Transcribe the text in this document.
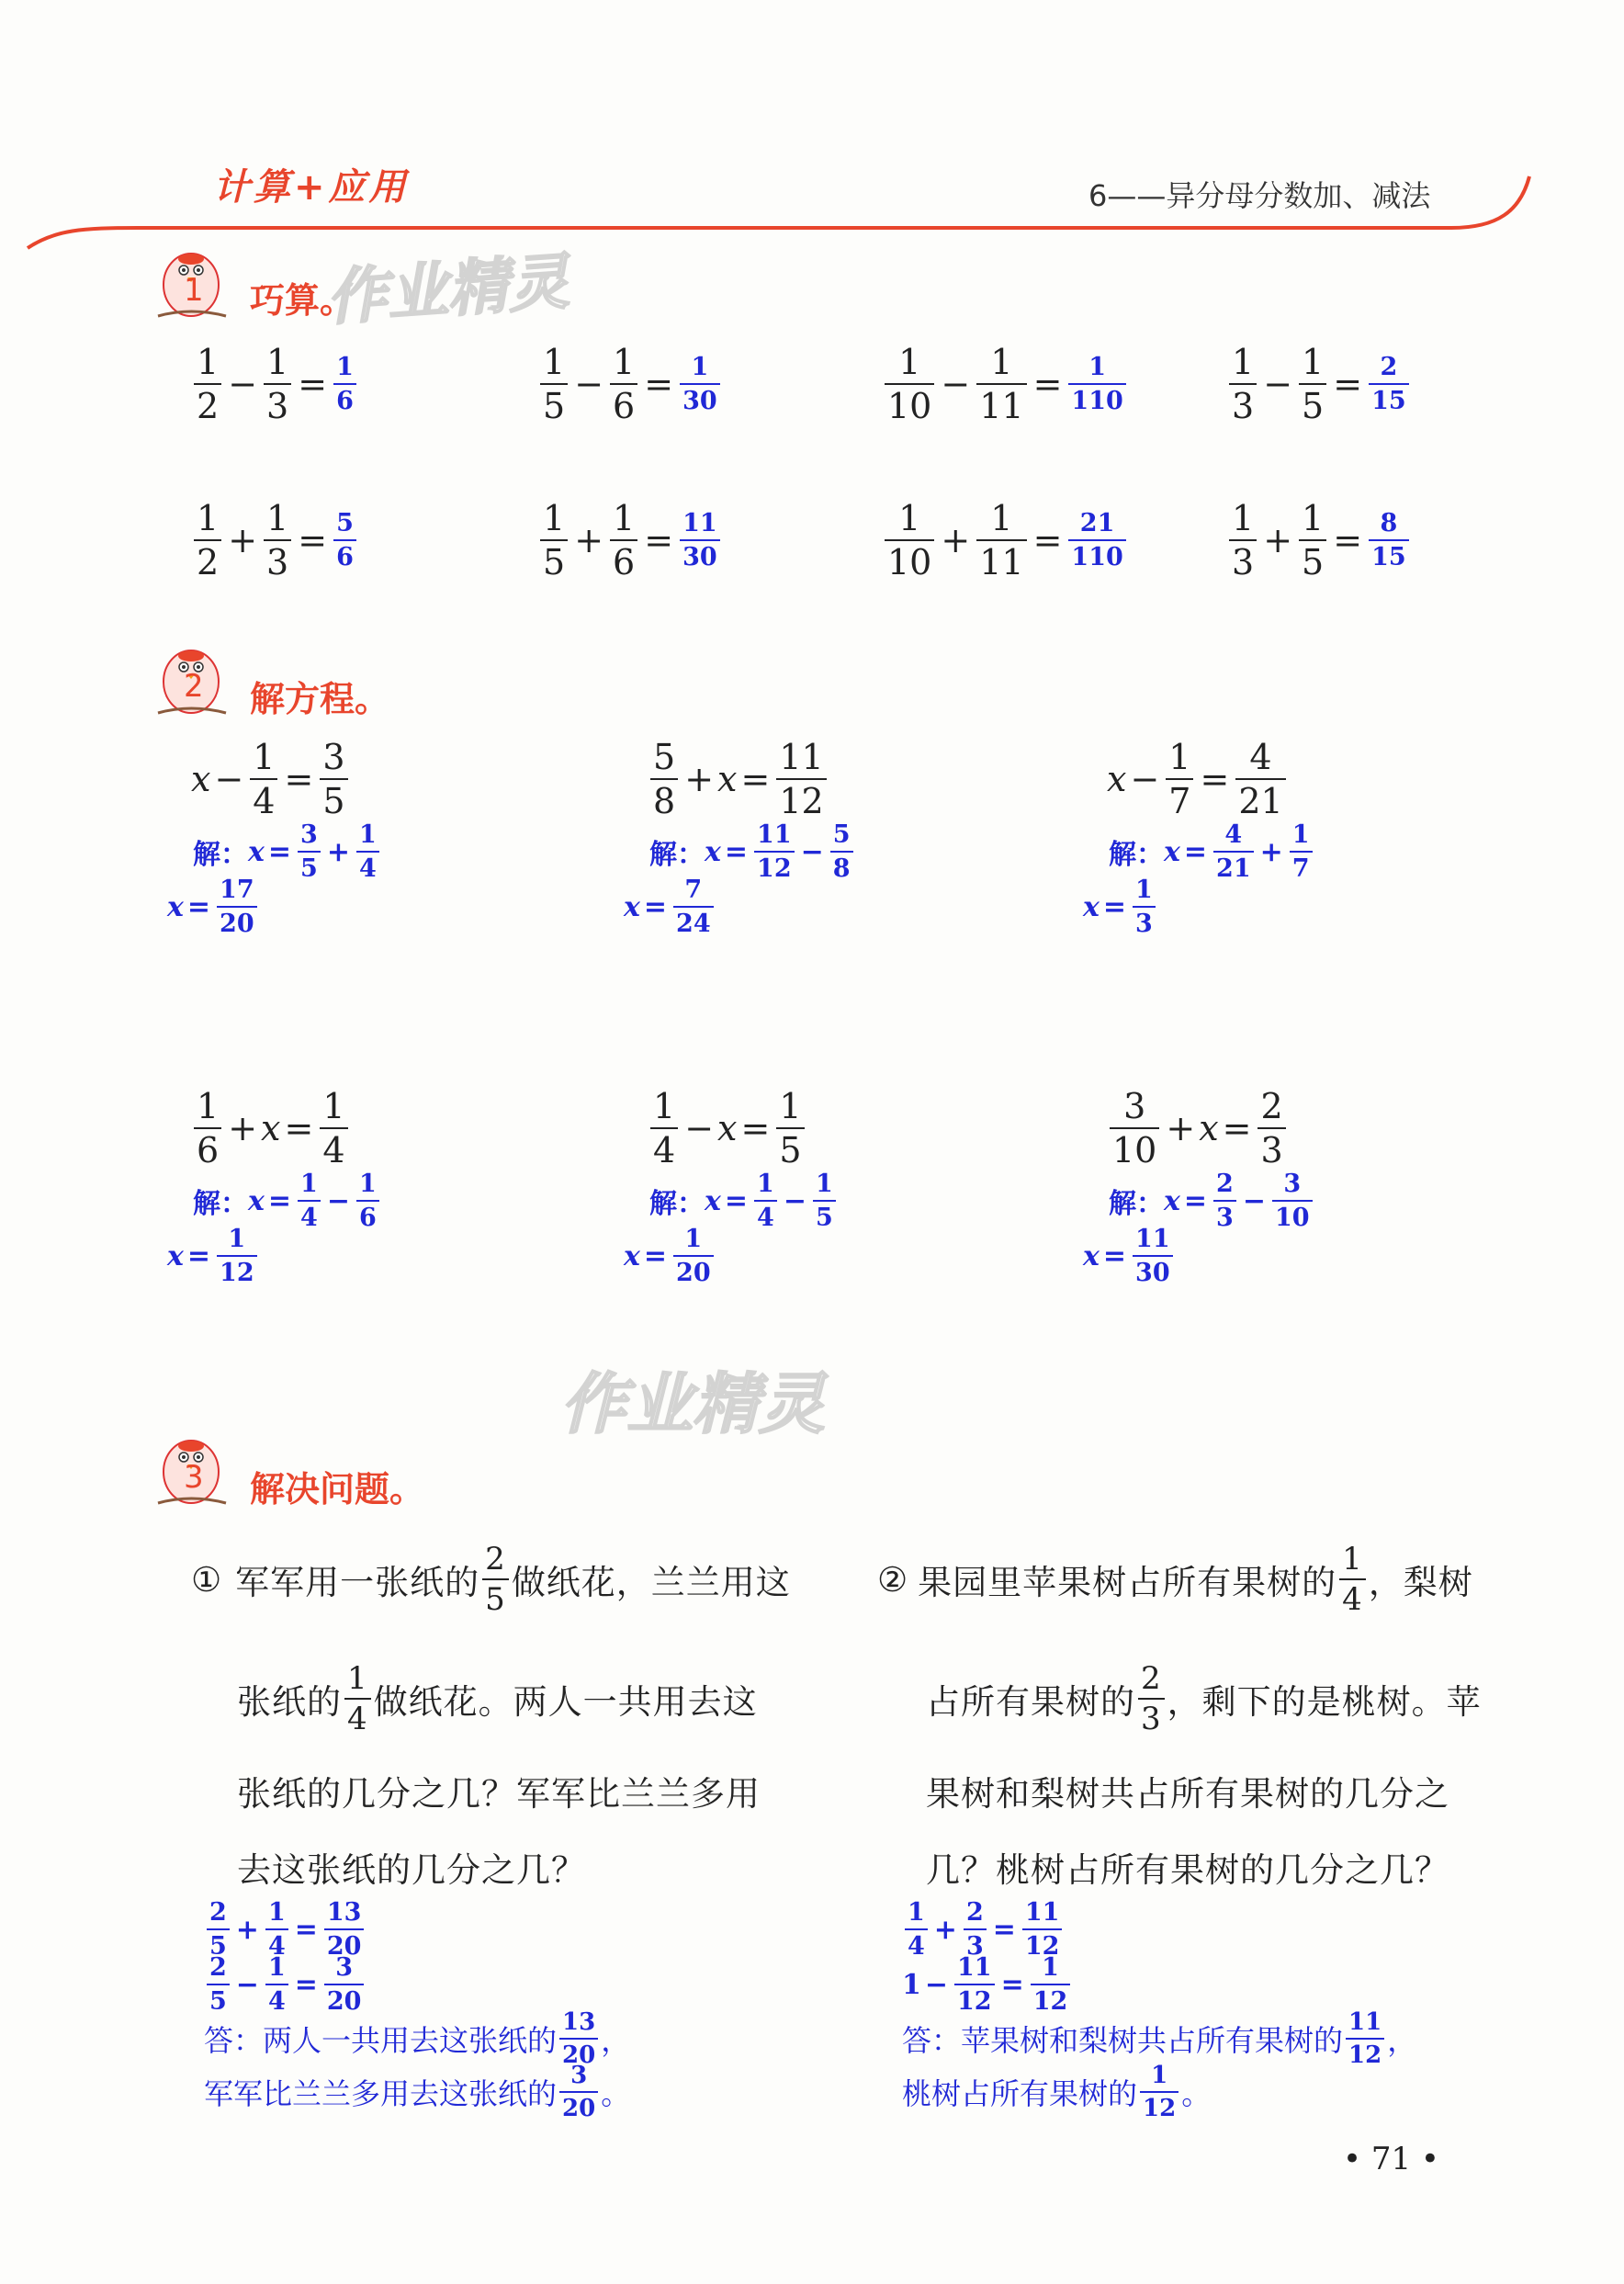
计算+应用	6——异分母分数加、减法
作业精灵
作业精灵
1 巧算。
$\frac{1}{2} - \frac{1}{3} = \frac{1}{6}$	$\frac{1}{5} - \frac{1}{6} = \frac{1}{30}$	$\frac{1}{10} - \frac{1}{11} = \frac{1}{110}$	$\frac{1}{3} - \frac{1}{5} = \frac{2}{15}$
$\frac{1}{2} + \frac{1}{3} = \frac{5}{6}$	$\frac{1}{5} + \frac{1}{6} = \frac{11}{30}$	$\frac{1}{10} + \frac{1}{11} = \frac{21}{110}$	$\frac{1}{3} + \frac{1}{5} = \frac{8}{15}$
2 解方程。
$x - \frac{1}{4} = \frac{3}{5}$
解： $x = \frac{3}{5} + \frac{1}{4}$
$x = \frac{17}{20}$
$\frac{5}{8} + x = \frac{11}{12}$
解： $x = \frac{11}{12} - \frac{5}{8}$
$x = \frac{7}{24}$
$x - \frac{1}{7} = \frac{4}{21}$
解： $x = \frac{4}{21} + \frac{1}{7}$
$x = \frac{1}{3}$
$\frac{1}{6} + x = \frac{1}{4}$
解： $x = \frac{1}{4} - \frac{1}{6}$
$x = \frac{1}{12}$
$\frac{1}{4} - x = \frac{1}{5}$
解： $x = \frac{1}{4} - \frac{1}{5}$
$x = \frac{1}{20}$
$\frac{3}{10} + x = \frac{2}{3}$
解： $x = \frac{2}{3} - \frac{3}{10}$
$x = \frac{11}{30}$
3 解决问题。
① 军军用一张纸的 $\frac{2}{5}$ 做纸花，兰兰用这
张纸的 $\frac{1}{4}$ 做纸花。两人一共用去这
张纸的几分之几？军军比兰兰多用
去这张纸的几分之几？
$\frac{2}{5} + \frac{1}{4} = \frac{13}{20}$
$\frac{2}{5} - \frac{1}{4} = \frac{3}{20}$
答：两人一共用去这张纸的 $\frac{13}{20}$ ，
军军比兰兰多用去这张纸的 $\frac{3}{20}$ 。
② 果园里苹果树占所有果树的 $\frac{1}{4}$ ，梨树
占所有果树的 $\frac{2}{3}$ ，剩下的是桃树。苹
果树和梨树共占所有果树的几分之
几？桃树占所有果树的几分之几？
$\frac{1}{4} + \frac{2}{3} = \frac{11}{12}$
$1 - \frac{11}{12} = \frac{1}{12}$
答：苹果树和梨树共占所有果树的 $\frac{11}{12}$ ，
桃树占所有果树的 $\frac{1}{12}$ 。
• 71 •
